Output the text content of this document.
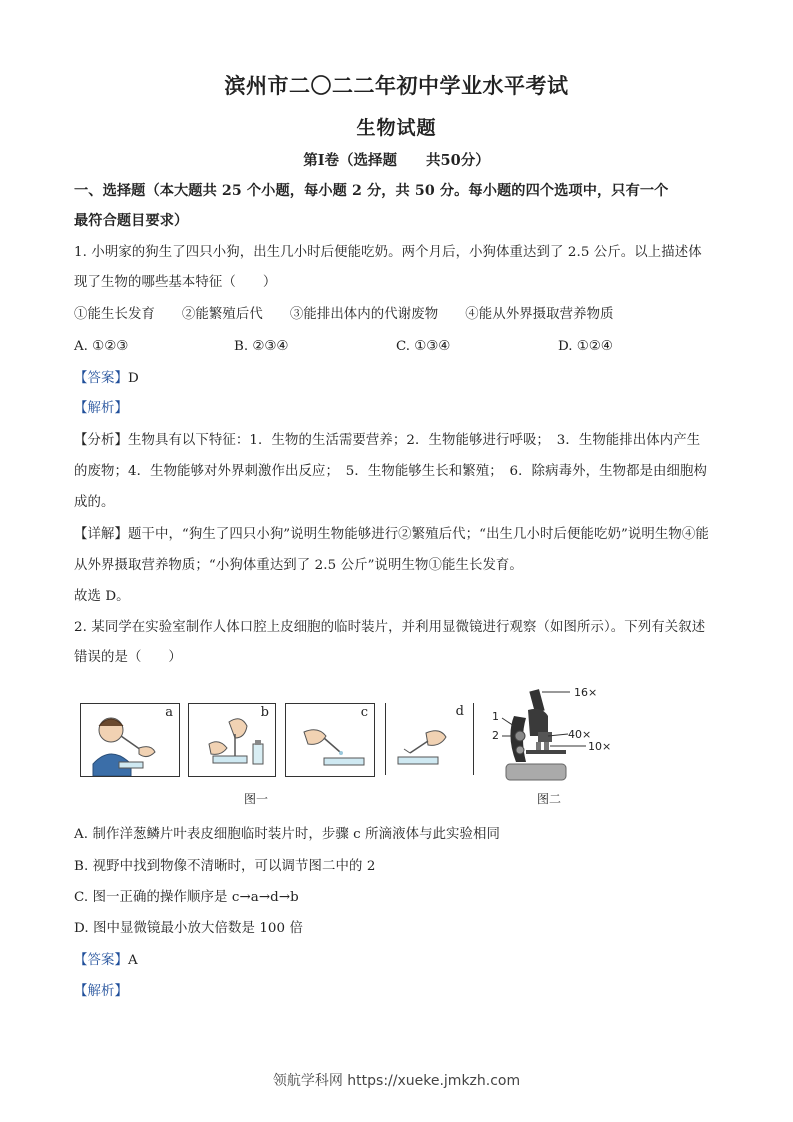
滨州市二〇二二年初中学业水平考试
生物试题
第Ⅰ卷（选择题　　共50分）
一、选择题（本大题共 25 个小题，每小题 2 分，共 50 分。每小题的四个选项中，只有一个
最符合题目要求）
1. 小明家的狗生了四只小狗，出生几小时后便能吃奶。两个月后，小狗体重达到了 2.5 公斤。以上描述体
现了生物的哪些基本特征（　　）
①能生长发育　　②能繁殖后代　　③能排出体内的代谢废物　　④能从外界摄取营养物质
A. ①②③	B. ②③④	C. ①③④	D. ①②④
【答案】D
【解析】
【分析】生物具有以下特征：1．生物的生活需要营养；2．生物能够进行呼吸；　3．生物能排出体内产生
的废物；4．生物能够对外界刺激作出反应；　5．生物能够生长和繁殖；　6．除病毒外，生物都是由细胞构
成的。
【详解】题干中，“狗生了四只小狗”说明生物能够进行②繁殖后代；“出生几小时后便能吃奶”说明生物④能
从外界摄取营养物质；“小狗体重达到了 2.5 公斤”说明生物①能生长发育。
故选 D。
2. 某同学在实验室制作人体口腔上皮细胞的临时装片，并利用显微镜进行观察（如图所示）。下列有关叙述
错误的是（　　）
a	b	c	d
图一
16×
40×
10×
1
2
图二
A. 制作洋葱鳞片叶表皮细胞临时装片时，步骤 c 所滴液体与此实验相同
B. 视野中找到物像不清晰时，可以调节图二中的 2
C. 图一正确的操作顺序是 c→a→d→b
D. 图中显微镜最小放大倍数是 100 倍
【答案】A
【解析】
领航学科网 https://xueke.jmkzh.com
